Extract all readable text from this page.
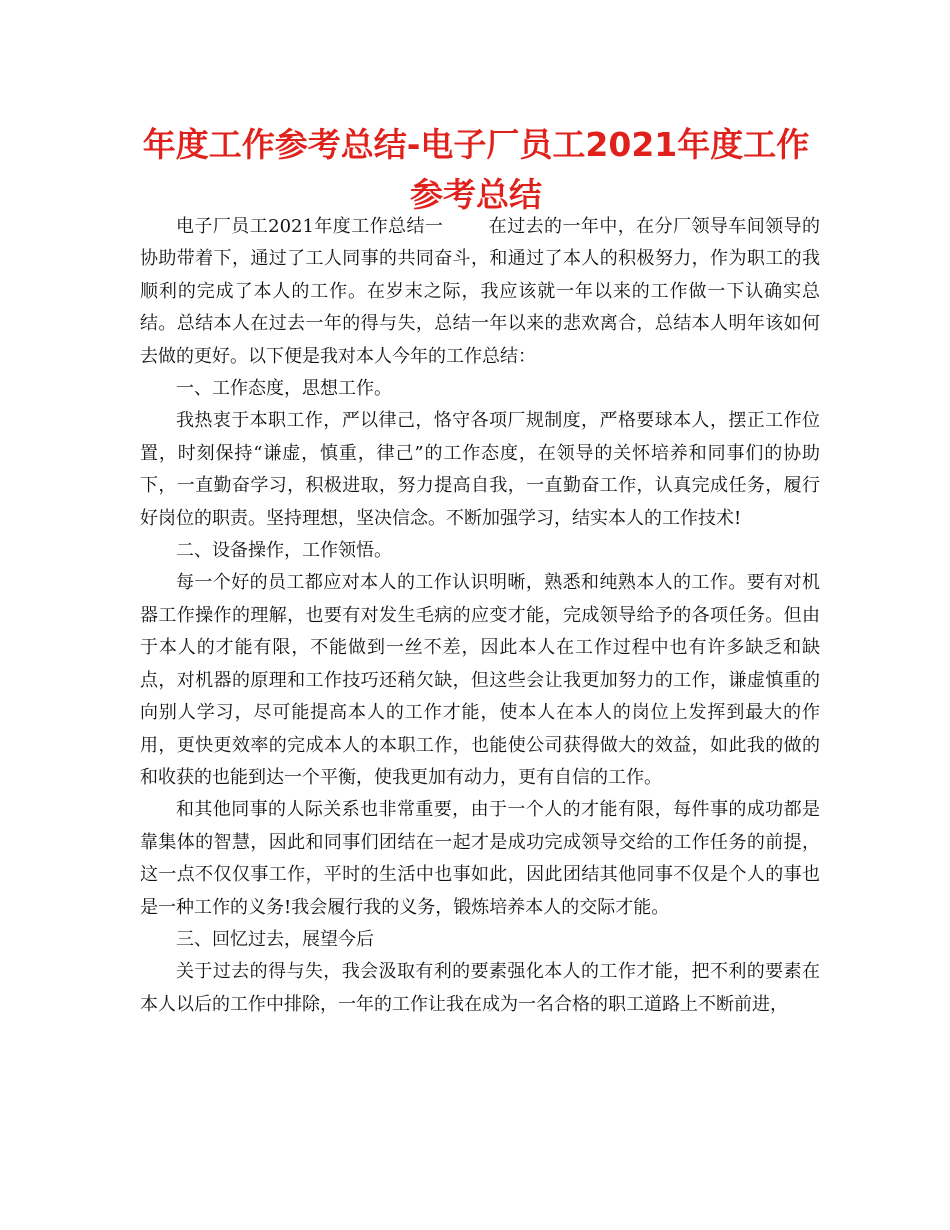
年度工作参考总结-电子厂员工2021年度工作参考总结

电子厂员工2021年度工作总结一	在过去的一年中，在分厂领导车间领导的协助带着下，通过了工人同事的共同奋斗，和通过了本人的积极努力，作为职工的我顺利的完成了本人的工作。在岁末之际，我应该就一年以来的工作做一下认确实总结。总结本人在过去一年的得与失，总结一年以来的悲欢离合，总结本人明年该如何去做的更好。以下便是我对本人今年的工作总结：

一、工作态度，思想工作。

我热衷于本职工作，严以律己，恪守各项厂规制度，严格要球本人，摆正工作位置，时刻保持“谦虚，慎重，律己”的工作态度，在领导的关怀培养和同事们的协助下，一直勤奋学习，积极进取，努力提高自我，一直勤奋工作，认真完成任务，履行好岗位的职责。坚持理想，坚决信念。不断加强学习，结实本人的工作技术!

二、设备操作，工作领悟。

每一个好的员工都应对本人的工作认识明晰，熟悉和纯熟本人的工作。要有对机器工作操作的理解，也要有对发生毛病的应变才能，完成领导给予的各项任务。但由于本人的才能有限，不能做到一丝不差，因此本人在工作过程中也有许多缺乏和缺点，对机器的原理和工作技巧还稍欠缺，但这些会让我更加努力的工作，谦虚慎重的向别人学习，尽可能提高本人的工作才能，使本人在本人的岗位上发挥到最大的作用，更快更效率的完成本人的本职工作，也能使公司获得做大的效益，如此我的做的和收获的也能到达一个平衡，使我更加有动力，更有自信的工作。

和其他同事的人际关系也非常重要，由于一个人的才能有限，每件事的成功都是靠集体的智慧，因此和同事们团结在一起才是成功完成领导交给的工作任务的前提，这一点不仅仅事工作，平时的生活中也事如此，因此团结其他同事不仅是个人的事也是一种工作的义务!我会履行我的义务，锻炼培养本人的交际才能。

三、回忆过去，展望今后

关于过去的得与失，我会汲取有利的要素强化本人的工作才能，把不利的要素在本人以后的工作中排除，一年的工作让我在成为一名合格的职工道路上不断前进，
